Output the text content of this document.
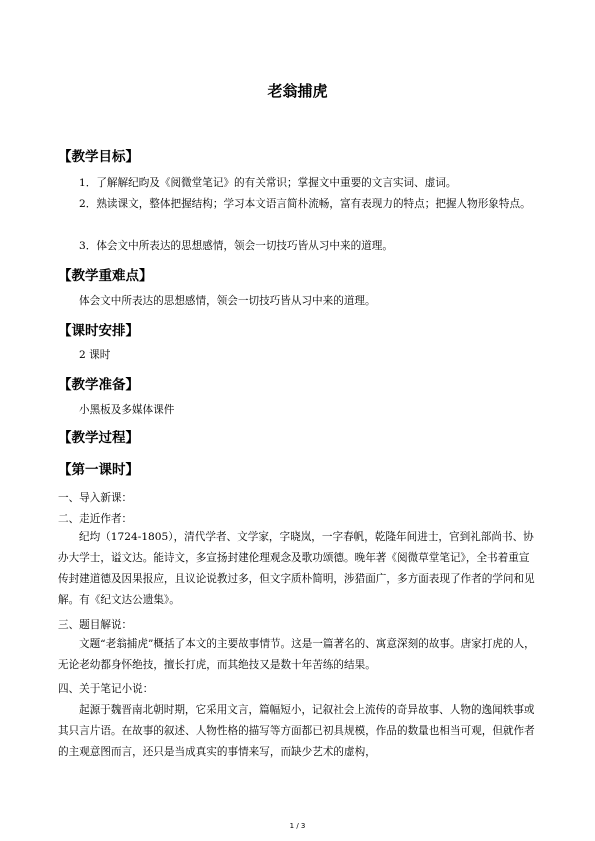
老翁捕虎
【教学目标】
1．了解解纪昀及《阅微堂笔记》的有关常识；掌握文中重要的文言实词、虚词。
2．熟读课文，整体把握结构；学习本文语言简朴流畅，富有表现力的特点；把握人物形象特点。
3．体会文中所表达的思想感情，领会一切技巧皆从习中来的道理。
【教学重难点】
体会文中所表达的思想感情，领会一切技巧皆从习中来的道理。
【课时安排】
2 课时
【教学准备】
小黑板及多媒体课件
【教学过程】
【第一课时】
一、导入新课：
二、走近作者：
纪均（1724-1805），清代学者、文学家，字晓岚，一字春帆，乾隆年间进士，官到礼部尚书、协办大学士，谥文达。能诗文，多宣扬封建伦理观念及歌功颂德。晚年著《阅微草堂笔记》，全书着重宣传封建道德及因果报应，且议论说教过多，但文字质朴简明，涉猎面广，多方面表现了作者的学问和见解。有《纪文达公遗集》。
三、题目解说：
文题“老翁捕虎”概括了本文的主要故事情节。这是一篇著名的、寓意深刻的故事。唐家打虎的人，无论老幼都身怀绝技，擅长打虎，而其绝技又是数十年苦练的结果。
四、关于笔记小说：
起源于魏晋南北朝时期，它采用文言，篇幅短小，记叙社会上流传的奇异故事、人物的逸闻轶事或其只言片语。在故事的叙述、人物性格的描写等方面都已初具规模，作品的数量也相当可观，但就作者的主观意图而言，还只是当成真实的事情来写，而缺少艺术的虚构，
1 / 3
